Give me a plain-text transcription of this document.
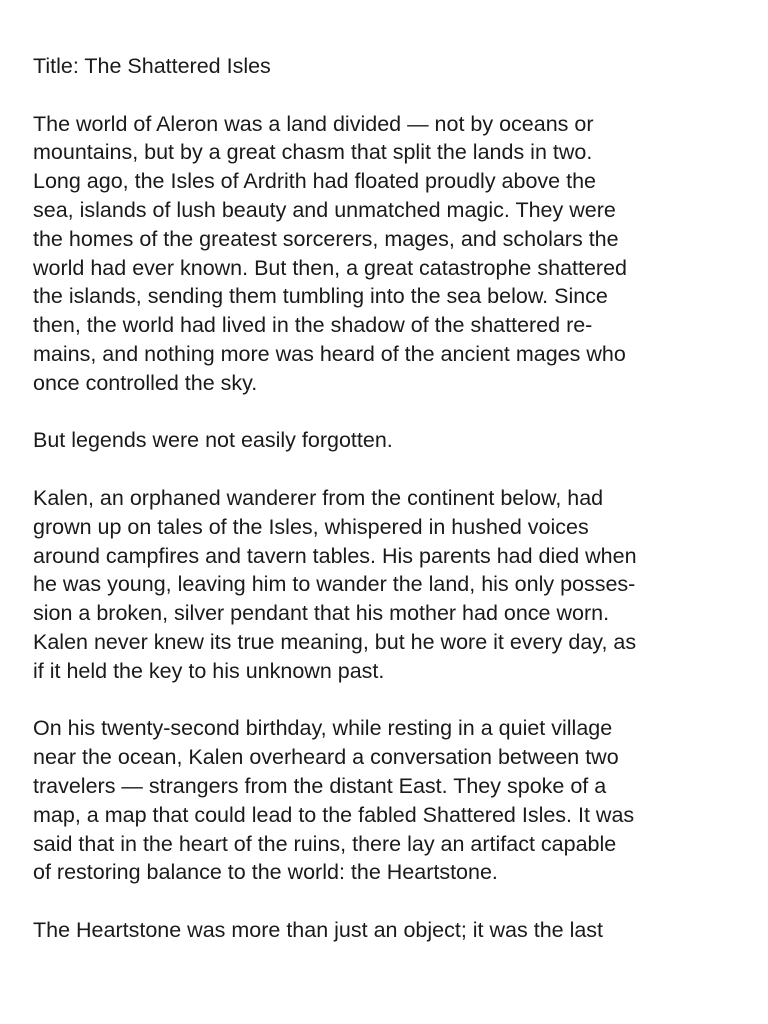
Title: The Shattered Isles
The world of Aleron was a land divided — not by oceans or
mountains, but by a great chasm that split the lands in two.
Long ago, the Isles of Ardrith had floated proudly above the
sea, islands of lush beauty and unmatched magic. They were
the homes of the greatest sorcerers, mages, and scholars the
world had ever known. But then, a great catastrophe shattered
the islands, sending them tumbling into the sea below. Since
then, the world had lived in the shadow of the shattered re-
mains, and nothing more was heard of the ancient mages who
once controlled the sky.
But legends were not easily forgotten.
Kalen, an orphaned wanderer from the continent below, had
grown up on tales of the Isles, whispered in hushed voices
around campfires and tavern tables. His parents had died when
he was young, leaving him to wander the land, his only posses-
sion a broken, silver pendant that his mother had once worn.
Kalen never knew its true meaning, but he wore it every day, as
if it held the key to his unknown past.
On his twenty-second birthday, while resting in a quiet village
near the ocean, Kalen overheard a conversation between two
travelers — strangers from the distant East. They spoke of a
map, a map that could lead to the fabled Shattered Isles. It was
said that in the heart of the ruins, there lay an artifact capable
of restoring balance to the world: the Heartstone.
The Heartstone was more than just an object; it was the last
